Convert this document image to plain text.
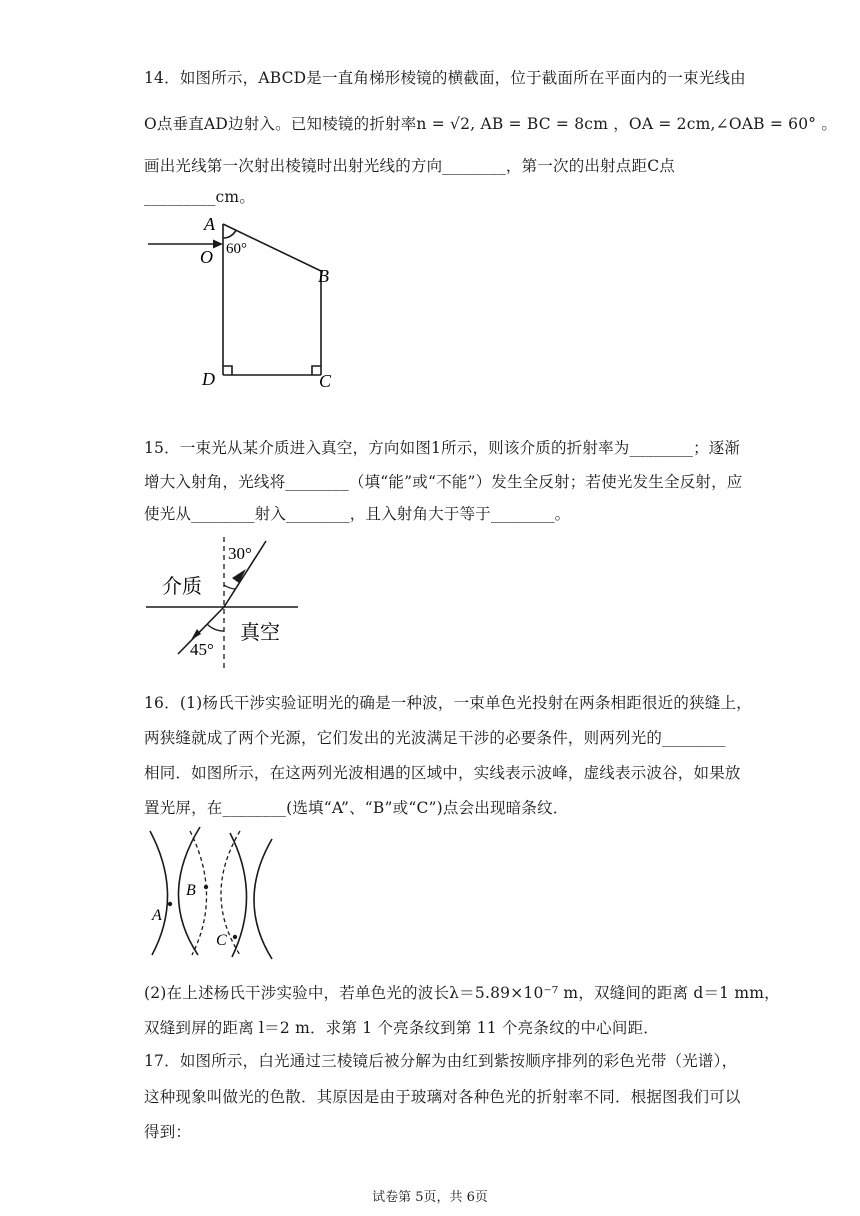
14．如图所示，ABCD是一直角梯形棱镜的横截面，位于截面所在平面内的一束光线由
O点垂直AD边射入。已知棱镜的折射率n = √2, AB = BC = 8cm ，OA = 2cm,∠OAB = 60° 。
画出光线第一次射出棱镜时出射光线的方向________，第一次的出射点距C点
_________cm。
A
O 60°
B
D	C
15．一束光从某介质进入真空，方向如图1所示，则该介质的折射率为________；逐渐
增大入射角，光线将________（填“能”或“不能”）发生全反射；若使光发生全反射，应
使光从________射入________，且入射角大于等于________。
30°
介质
真空
45°
16．(1)杨氏干涉实验证明光的确是一种波，一束单色光投射在两条相距很近的狭缝上，
两狭缝就成了两个光源，它们发出的光波满足干涉的必要条件，则两列光的________
相同．如图所示，在这两列光波相遇的区域中，实线表示波峰，虚线表示波谷，如果放
置光屏，在________(选填“A”、“B”或“C”)点会出现暗条纹．
A
B
C
(2)在上述杨氏干涉实验中，若单色光的波长λ＝5.89×10⁻⁷ m，双缝间的距离 d＝1 mm，
双缝到屏的距离 l＝2 m．求第 1 个亮条纹到第 11 个亮条纹的中心间距．
17．如图所示，白光通过三棱镜后被分解为由红到紫按顺序排列的彩色光带（光谱），
这种现象叫做光的色散．其原因是由于玻璃对各种色光的折射率不同．根据图我们可以
得到：
试卷第 5页，共 6页
